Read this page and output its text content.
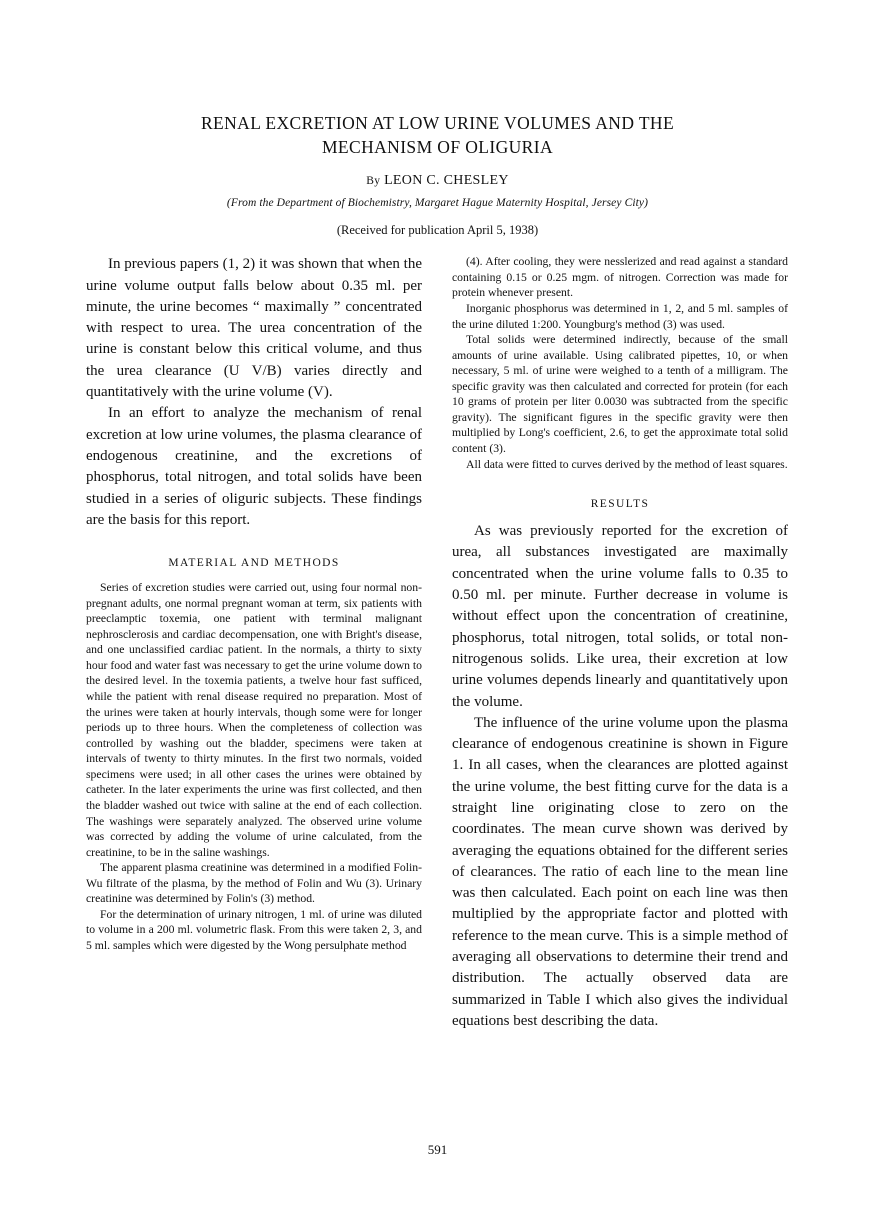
RENAL EXCRETION AT LOW URINE VOLUMES AND THE
MECHANISM OF OLIGURIA
By LEON C. CHESLEY
(From the Department of Biochemistry, Margaret Hague Maternity Hospital, Jersey City)
(Received for publication April 5, 1938)

In previous papers (1, 2) it was shown that when the urine volume output falls below about 0.35 ml. per minute, the urine becomes “ maximally ” concentrated with respect to urea. The urea concentration of the urine is constant below this critical volume, and thus the urea clearance (U V/B) varies directly and quantitatively with the urine volume (V).

In an effort to analyze the mechanism of renal excretion at low urine volumes, the plasma clearance of endogenous creatinine, and the excretions of phosphorus, total nitrogen, and total solids have been studied in a series of oliguric subjects. These findings are the basis for this report.

MATERIAL AND METHODS

Series of excretion studies were carried out, using four normal non-pregnant adults, one normal pregnant woman at term, six patients with preeclamptic toxemia, one patient with terminal malignant nephrosclerosis and cardiac decompensation, one with Bright's disease, and one unclassified cardiac patient. In the normals, a thirty to sixty hour food and water fast was necessary to get the urine volume down to the desired level. In the toxemia patients, a twelve hour fast sufficed, while the patient with renal disease required no preparation. Most of the urines were taken at hourly intervals, though some were for longer periods up to three hours. When the completeness of collection was controlled by washing out the bladder, specimens were taken at intervals of twenty to thirty minutes. In the first two normals, voided specimens were used; in all other cases the urines were obtained by catheter. In the later experiments the urine was first collected, and then the bladder washed out twice with saline at the end of each collection. The washings were separately analyzed. The observed urine volume was corrected by adding the volume of urine calculated, from the creatinine, to be in the saline washings.

The apparent plasma creatinine was determined in a modified Folin-Wu filtrate of the plasma, by the method of Folin and Wu (3). Urinary creatinine was determined by Folin's (3) method.

For the determination of urinary nitrogen, 1 ml. of urine was diluted to volume in a 200 ml. volumetric flask. From this were taken 2, 3, and 5 ml. samples which were digested by the Wong persulphate method

(4). After cooling, they were nesslerized and read against a standard containing 0.15 or 0.25 mgm. of nitrogen. Correction was made for protein whenever present.

Inorganic phosphorus was determined in 1, 2, and 5 ml. samples of the urine diluted 1:200. Youngburg's method (3) was used.

Total solids were determined indirectly, because of the small amounts of urine available. Using calibrated pipettes, 10, or when necessary, 5 ml. of urine were weighed to a tenth of a milligram. The specific gravity was then calculated and corrected for protein (for each 10 grams of protein per liter 0.0030 was subtracted from the specific gravity). The significant figures in the specific gravity were then multiplied by Long's coefficient, 2.6, to get the approximate total solid content (3).

All data were fitted to curves derived by the method of least squares.

RESULTS

As was previously reported for the excretion of urea, all substances investigated are maximally concentrated when the urine volume falls to 0.35 to 0.50 ml. per minute. Further decrease in volume is without effect upon the concentration of creatinine, phosphorus, total nitrogen, total solids, or total non-nitrogenous solids. Like urea, their excretion at low urine volumes depends linearly and quantitatively upon the volume.

The influence of the urine volume upon the plasma clearance of endogenous creatinine is shown in Figure 1. In all cases, when the clearances are plotted against the urine volume, the best fitting curve for the data is a straight line originating close to zero on the coordinates. The mean curve shown was derived by averaging the equations obtained for the different series of clearances. The ratio of each line to the mean line was then calculated. Each point on each line was then multiplied by the appropriate factor and plotted with reference to the mean curve. This is a simple method of averaging all observations to determine their trend and distribution. The actually observed data are summarized in Table I which also gives the individual equations best describing the data.

591
